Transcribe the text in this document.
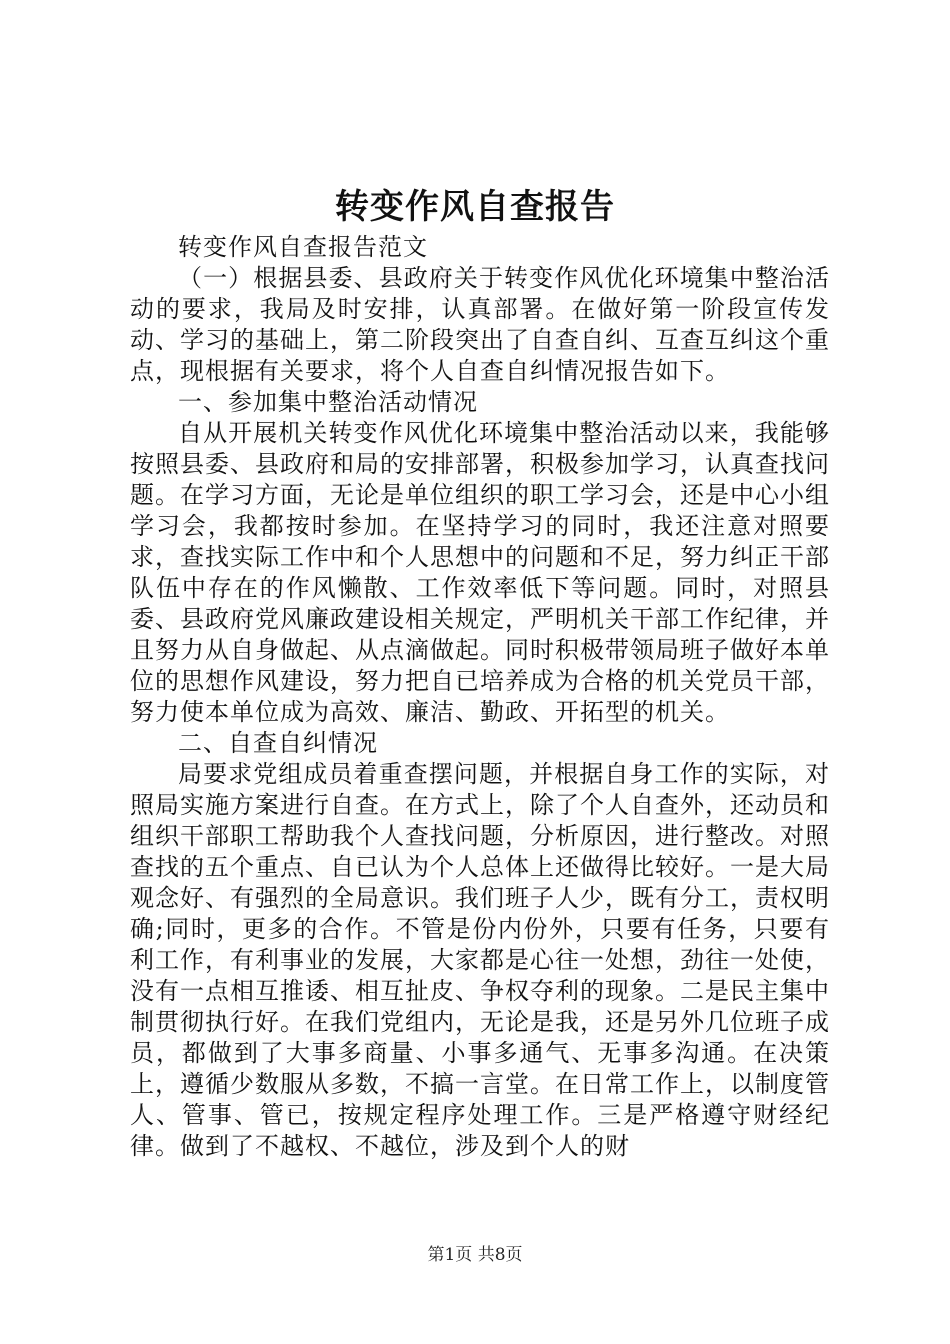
转变作风自查报告

转变作风自查报告范文

（一）根据县委、县政府关于转变作风优化环境集中整治活动的要求，我局及时安排，认真部署。在做好第一阶段宣传发动、学习的基础上，第二阶段突出了自查自纠、互查互纠这个重点，现根据有关要求，将个人自查自纠情况报告如下。

一、参加集中整治活动情况

自从开展机关转变作风优化环境集中整治活动以来，我能够按照县委、县政府和局的安排部署，积极参加学习，认真查找问题。在学习方面，无论是单位组织的职工学习会，还是中心小组学习会，我都按时参加。在坚持学习的同时，我还注意对照要求，查找实际工作中和个人思想中的问题和不足，努力纠正干部队伍中存在的作风懒散、工作效率低下等问题。同时，对照县委、县政府党风廉政建设相关规定，严明机关干部工作纪律，并且努力从自身做起、从点滴做起。同时积极带领局班子做好本单位的思想作风建设，努力把自已培养成为合格的机关党员干部，努力使本单位成为高效、廉洁、勤政、开拓型的机关。

二、自查自纠情况

局要求党组成员着重查摆问题，并根据自身工作的实际，对照局实施方案进行自查。在方式上，除了个人自查外，还动员和组织干部职工帮助我个人查找问题，分析原因，进行整改。对照查找的五个重点、自已认为个人总体上还做得比较好。一是大局观念好、有强烈的全局意识。我们班子人少，既有分工，责权明确;同时，更多的合作。不管是份内份外，只要有任务，只要有利工作，有利事业的发展，大家都是心往一处想，劲往一处使，没有一点相互推诿、相互扯皮、争权夺利的现象。二是民主集中制贯彻执行好。在我们党组内，无论是我，还是另外几位班子成员，都做到了大事多商量、小事多通气、无事多沟通。在决策上，遵循少数服从多数，不搞一言堂。在日常工作上，以制度管人、管事、管已，按规定程序处理工作。三是严格遵守财经纪律。做到了不越权、不越位，涉及到个人的财

第1页 共8页
